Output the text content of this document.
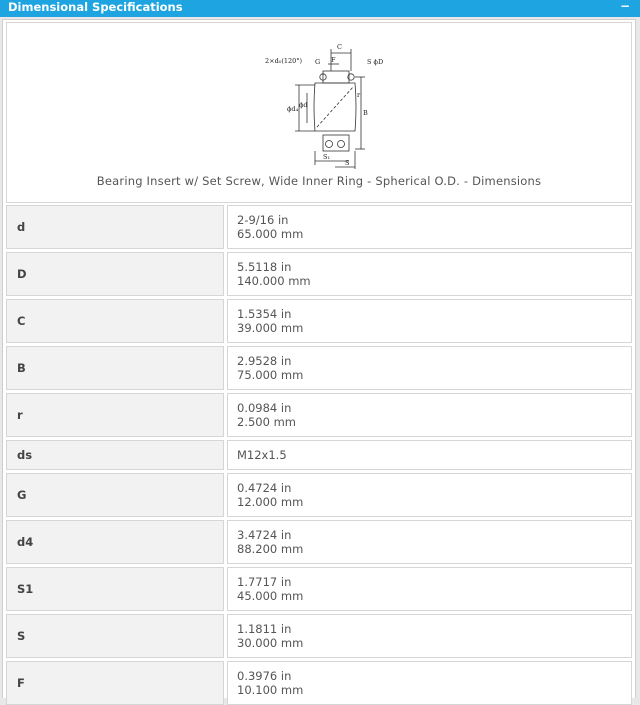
Dimensional Specifications	−
2×d₀(120°) G
C
F	S ϕD
ϕd₄ ϕd
r
B
S₁
S
Bearing Insert w/ Set Screw, Wide Inner Ring - Spherical O.D. - Dimensions
d	2-9/16 in
65.000 mm
D	5.5118 in
140.000 mm
C	1.5354 in
39.000 mm
B	2.9528 in
75.000 mm
r	0.0984 in
2.500 mm
ds	M12x1.5
G	0.4724 in
12.000 mm
d4	3.4724 in
88.200 mm
S1	1.7717 in
45.000 mm
S	1.1811 in
30.000 mm
F	0.3976 in
10.100 mm
